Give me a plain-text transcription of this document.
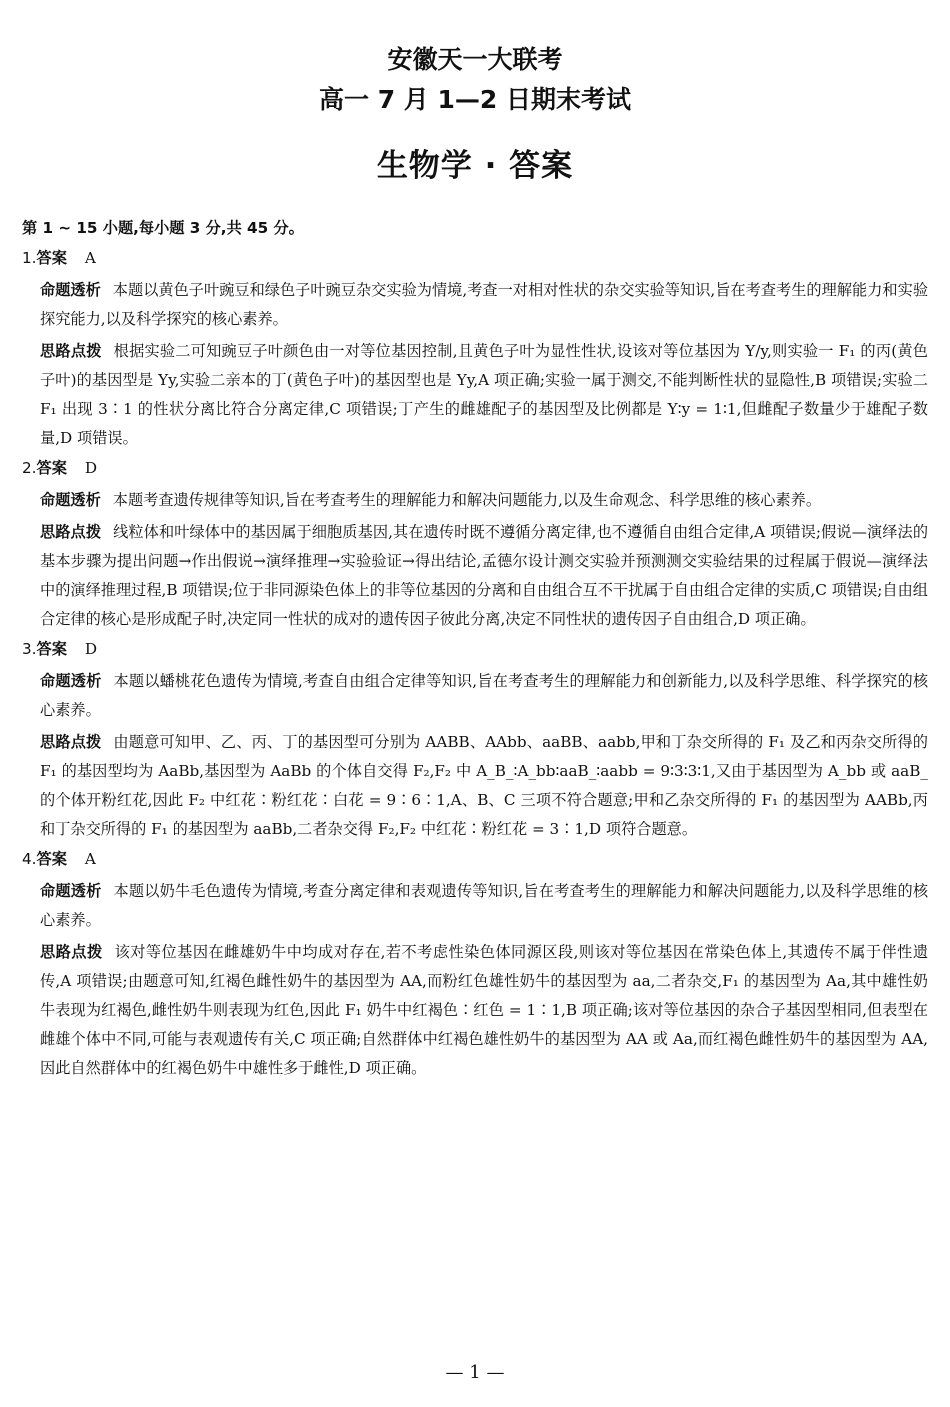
安徽天一大联考
高一 7 月 1—2 日期末考试
生物学 · 答案
第 1 ~ 15 小题,每小题 3 分,共 45 分。
1.答案 A
命题透析 本题以黄色子叶豌豆和绿色子叶豌豆杂交实验为情境,考查一对相对性状的杂交实验等知识,旨在考查考生的理解能力和实验探究能力,以及科学探究的核心素养。
思路点拨 根据实验二可知豌豆子叶颜色由一对等位基因控制,且黄色子叶为显性性状,设该对等位基因为 Y/y,则实验一 F₁ 的丙(黄色子叶)的基因型是 Yy,实验二亲本的丁(黄色子叶)的基因型也是 Yy,A 项正确;实验一属于测交,不能判断性状的显隐性,B 项错误;实验二 F₁ 出现 3∶1 的性状分离比符合分离定律,C 项错误;丁产生的雌雄配子的基因型及比例都是 Y∶y = 1∶1,但雌配子数量少于雄配子数量,D 项错误。
2.答案 D
命题透析 本题考查遗传规律等知识,旨在考查考生的理解能力和解决问题能力,以及生命观念、科学思维的核心素养。
思路点拨 线粒体和叶绿体中的基因属于细胞质基因,其在遗传时既不遵循分离定律,也不遵循自由组合定律,A 项错误;假说—演绎法的基本步骤为提出问题→作出假说→演绎推理→实验验证→得出结论,孟德尔设计测交实验并预测测交实验结果的过程属于假说—演绎法中的演绎推理过程,B 项错误;位于非同源染色体上的非等位基因的分离和自由组合互不干扰属于自由组合定律的实质,C 项错误;自由组合定律的核心是形成配子时,决定同一性状的成对的遗传因子彼此分离,决定不同性状的遗传因子自由组合,D 项正确。
3.答案 D
命题透析 本题以蟠桃花色遗传为情境,考查自由组合定律等知识,旨在考查考生的理解能力和创新能力,以及科学思维、科学探究的核心素养。
思路点拨 由题意可知甲、乙、丙、丁的基因型可分别为 AABB、AAbb、aaBB、aabb,甲和丁杂交所得的 F₁ 及乙和丙杂交所得的 F₁ 的基因型均为 AaBb,基因型为 AaBb 的个体自交得 F₂,F₂ 中 A_B_∶A_bb∶aaB_∶aabb = 9∶3∶3∶1,又由于基因型为 A_bb 或 aaB_的个体开粉红花,因此 F₂ 中红花∶粉红花∶白花 = 9∶6∶1,A、B、C 三项不符合题意;甲和乙杂交所得的 F₁ 的基因型为 AABb,丙和丁杂交所得的 F₁ 的基因型为 aaBb,二者杂交得 F₂,F₂ 中红花∶粉红花 = 3∶1,D 项符合题意。
4.答案 A
命题透析 本题以奶牛毛色遗传为情境,考查分离定律和表观遗传等知识,旨在考查考生的理解能力和解决问题能力,以及科学思维的核心素养。
思路点拨 该对等位基因在雌雄奶牛中均成对存在,若不考虑性染色体同源区段,则该对等位基因在常染色体上,其遗传不属于伴性遗传,A 项错误;由题意可知,红褐色雌性奶牛的基因型为 AA,而粉红色雄性奶牛的基因型为 aa,二者杂交,F₁ 的基因型为 Aa,其中雄性奶牛表现为红褐色,雌性奶牛则表现为红色,因此 F₁ 奶牛中红褐色∶红色 = 1∶1,B 项正确;该对等位基因的杂合子基因型相同,但表型在雌雄个体中不同,可能与表观遗传有关,C 项正确;自然群体中红褐色雄性奶牛的基因型为 AA 或 Aa,而红褐色雌性奶牛的基因型为 AA,因此自然群体中的红褐色奶牛中雄性多于雌性,D 项正确。
— 1 —
